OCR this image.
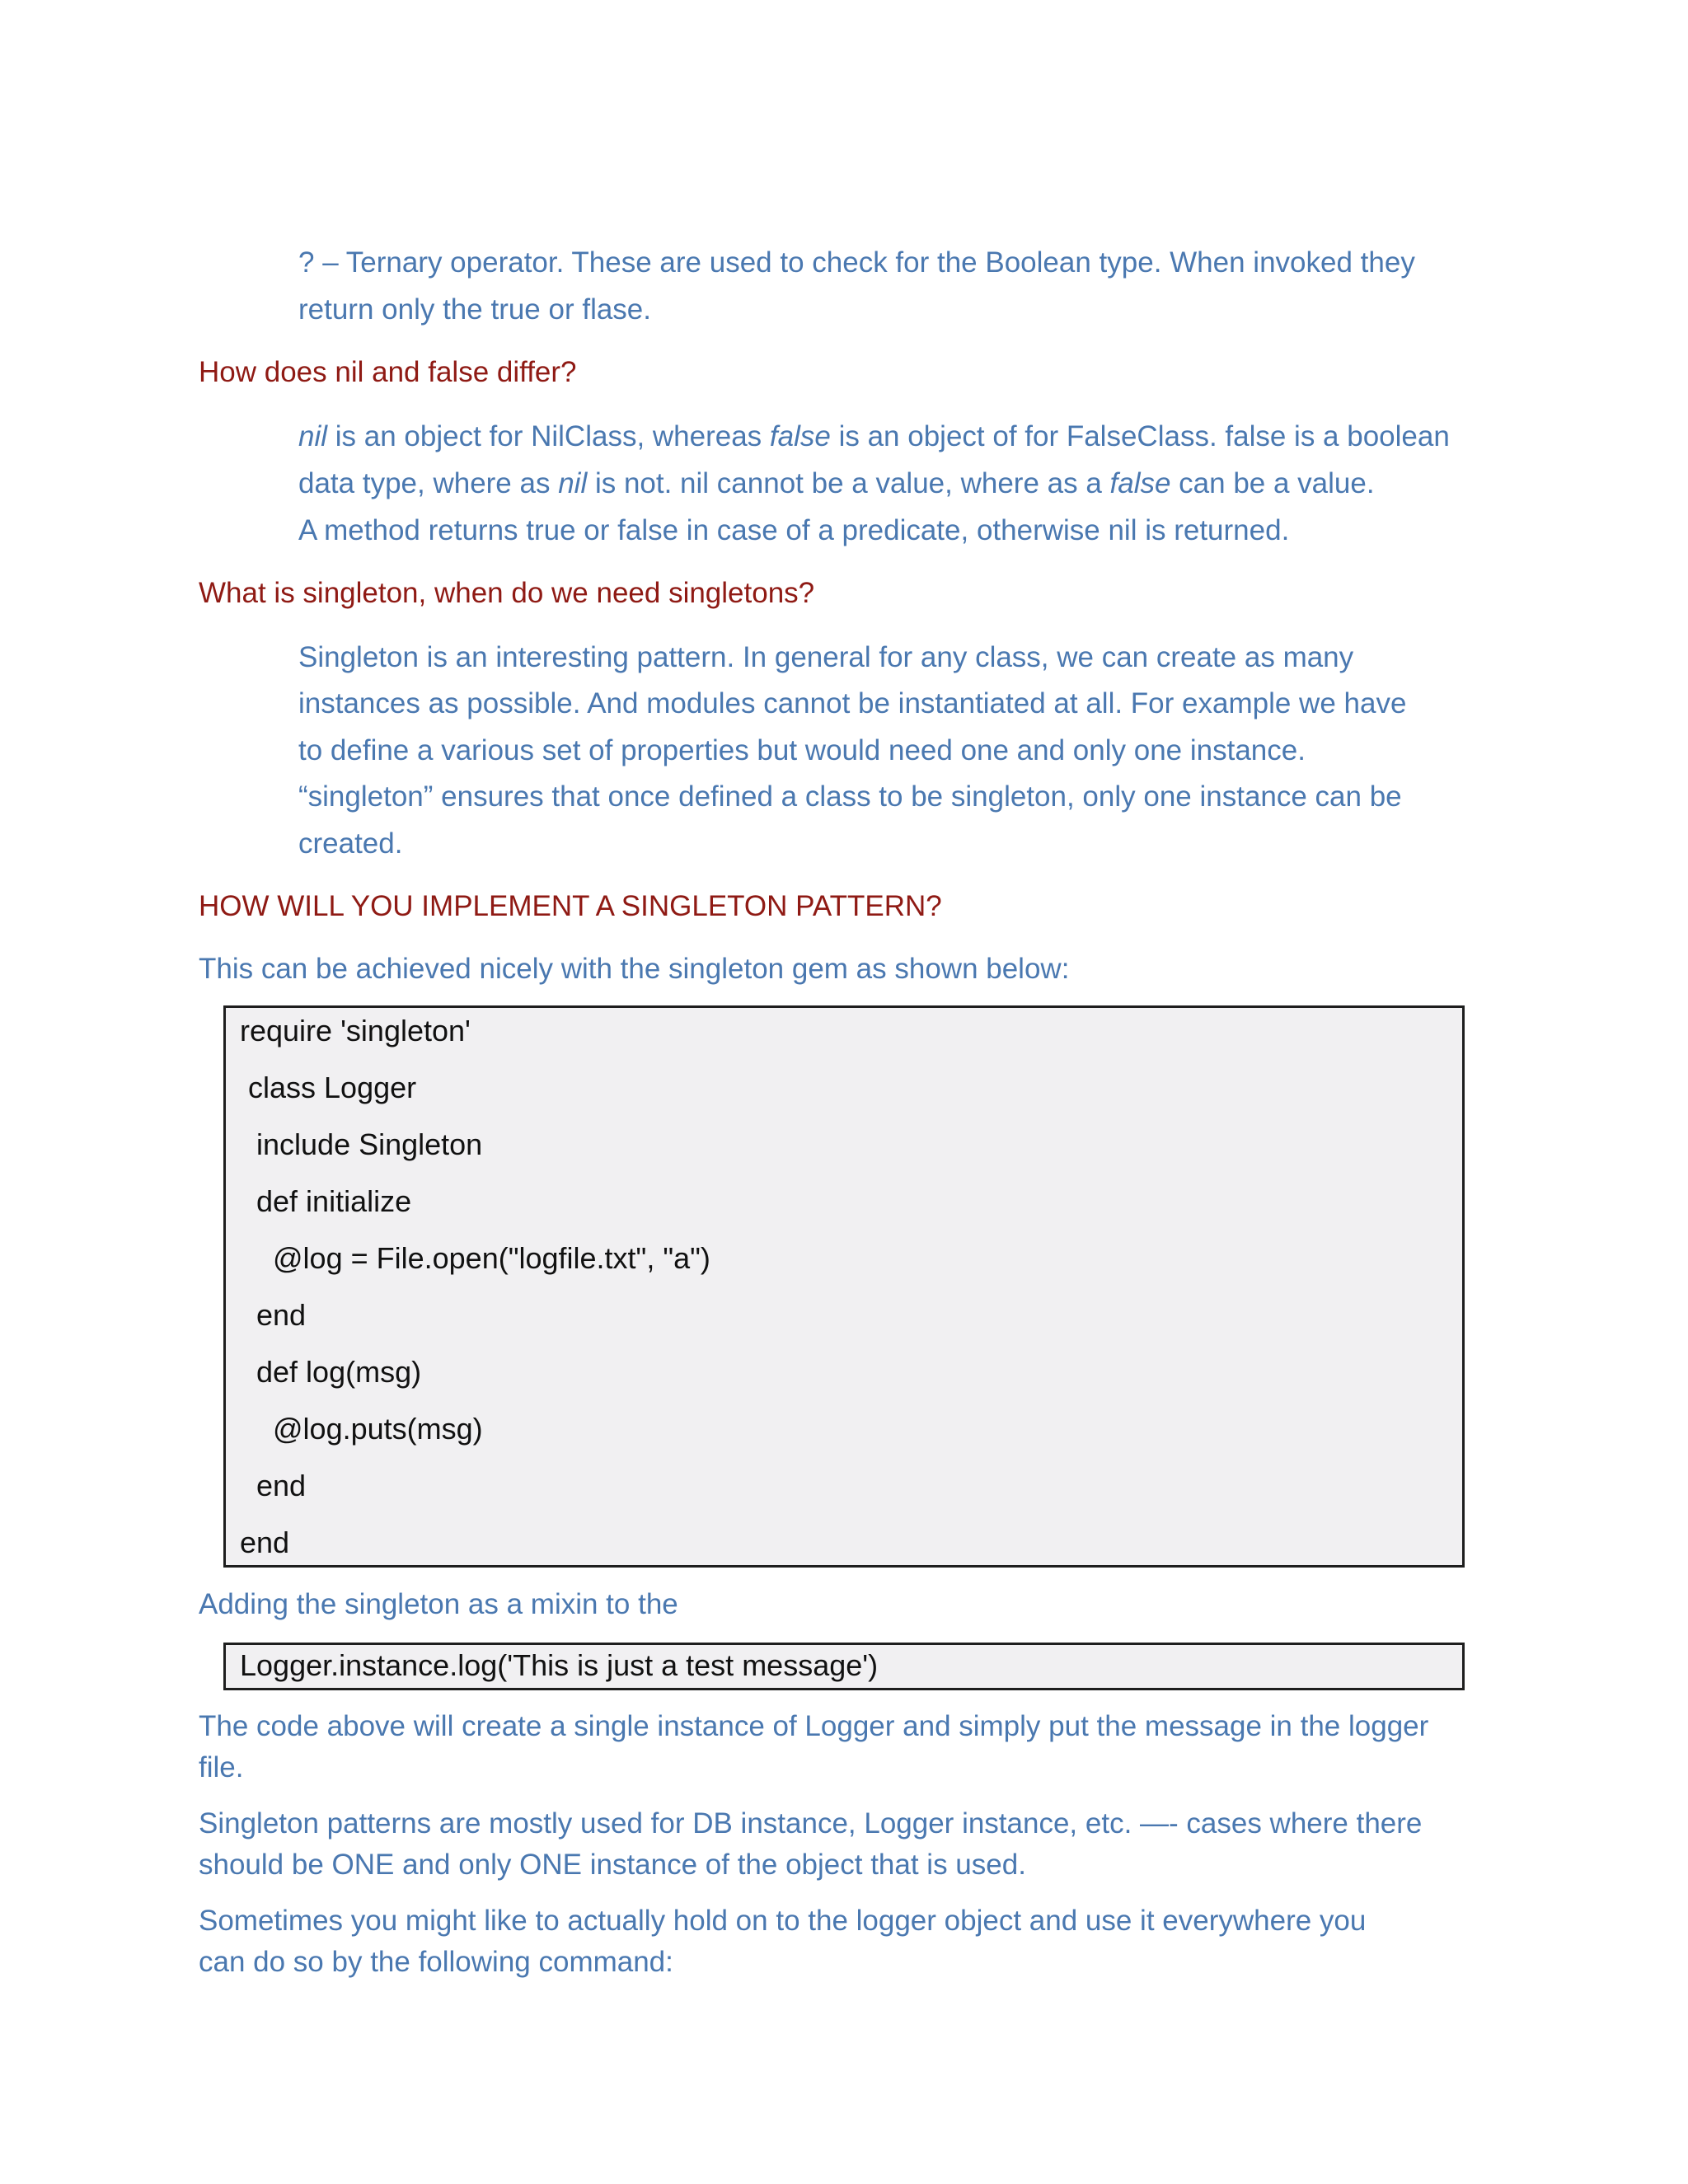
? – Ternary operator. These are used to check for the Boolean type. When invoked they
return only the true or flase.
How does nil and false differ?
nil is an object for NilClass, whereas false is an object of for FalseClass. false is a boolean
data type, where as nil is not. nil cannot be a value, where as a false can be a value.
A method returns true or false in case of a predicate, otherwise nil is returned.
What is singleton, when do we need singletons?
Singleton is an interesting pattern. In general for any class, we can create as many
instances as possible. And modules cannot be instantiated at all. For example we have
to define a various set of properties but would need one and only one instance.
“singleton” ensures that once defined a class to be singleton, only one instance can be
created.
HOW WILL YOU IMPLEMENT A SINGLETON PATTERN?
This can be achieved nicely with the singleton gem as shown below:
require 'singleton'
class Logger
include Singleton
def initialize
@log = File.open("logfile.txt", "a")
end
def log(msg)
@log.puts(msg)
end
end
Adding the singleton as a mixin to the
Logger.instance.log('This is just a test message')
The code above will create a single instance of Logger and simply put the message in the logger
file.
Singleton patterns are mostly used for DB instance, Logger instance, etc. —- cases where there
should be ONE and only ONE instance of the object that is used.
Sometimes you might like to actually hold on to the logger object and use it everywhere you
can do so by the following command:
